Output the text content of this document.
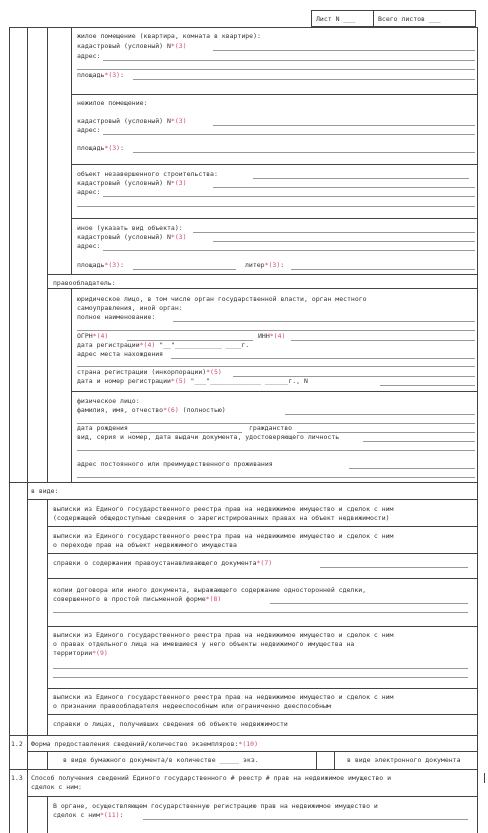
Лист N ___	Всего листов ___
жилое помещение (квартира, комната в квартире):
кадастровый (условный) N*(3)
адрес:
площадь*(3):
нежилое помещение:
кадастровый (условный) N*(3)
адрес:
площадь*(3):
объект незавершенного строительства:
кадастровый (условный) N*(3)
адрес:
иное (указать вид объекта):
кадастровый (условный) N*(3)
адрес:
площадь*(3):	литер*(3):
правообладатель:
юридическое лицо, в том числе орган государственной власти, орган местного
самоуправления, иной орган:
полное наименование:
ОГРН*(4)	ИНН*(4)
дата регистрации*(4) "__"____________ ____г.
адрес места нахождения
страна регистрации (инкорпорации)*(5)
дата и номер регистрации*(5) "___"_____________ ______г., N
физическое лицо:
фамилия, имя, отчество*(6) (полностью)
дата рождения	гражданство
вид, серия и номер, дата выдачи документа, удостоверяющего личность
адрес постоянного или преимущественного проживания
в виде:
выписки из Единого государственного реестра прав на недвижимое имущество и сделок с ним
(содержащей общедоступные сведения о зарегистрированных правах на объект недвижимости)
выписки из Единого государственного реестра прав на недвижимое имущество и сделок с ним
о переходе прав на объект недвижимого имущества
справки о содержании правоустанавливающего документа*(7)
копии договора или иного документа, выражающего содержание односторонней сделки,
совершенного в простой письменной форме*(8)
выписки из Единого государственного реестра прав на недвижимое имущество и сделок с ним
о правах отдельного лица на имевшиеся у него объекты недвижимого имущества на
территории*(9)
выписки из Единого государственного реестра прав на недвижимое имущество и сделок с ним
о признании правообладателя недееспособным или ограниченно дееспособным
справки о лицах, получивших сведения об объекте недвижимости
1.2 Форма предоставления сведений/количество экземпляров:*(10)
в виде бумажного документа/в количестве _____ экз.	в виде электронного документа
1.3 Способ получения сведений Единого государственного # реестр # прав на недвижимое имущество и
сделок с ним:
В органе, осуществляющем государственную регистрацию прав на недвижимое имущество и
сделок с ним*(11):
